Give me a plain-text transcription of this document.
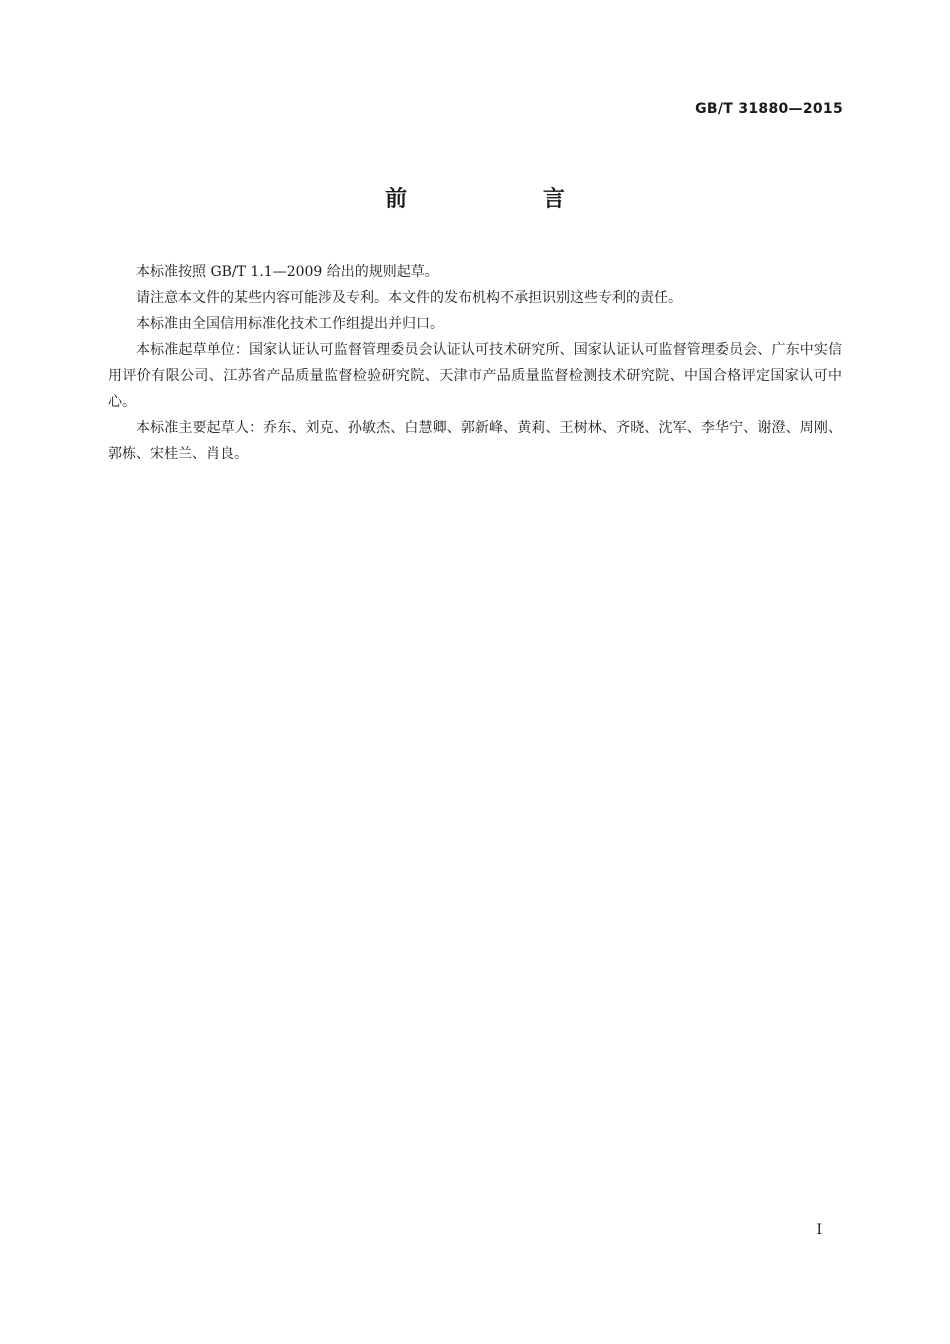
GB/T 31880—2015
前 言

本标准按照 GB/T 1.1—2009 给出的规则起草。

请注意本文件的某些内容可能涉及专利。本文件的发布机构不承担识别这些专利的责任。

本标准由全国信用标准化技术工作组提出并归口。

本标准起草单位：国家认证认可监督管理委员会认证认可技术研究所、国家认证认可监督管理委员会、广东中实信用评价有限公司、江苏省产品质量监督检验研究院、天津市产品质量监督检测技术研究院、中国合格评定国家认可中心。

本标准主要起草人：乔东、刘克、孙敏杰、白慧卿、郭新峰、黄莉、王树林、齐晓、沈军、李华宁、谢澄、周刚、郭栋、宋桂兰、肖良。

I
